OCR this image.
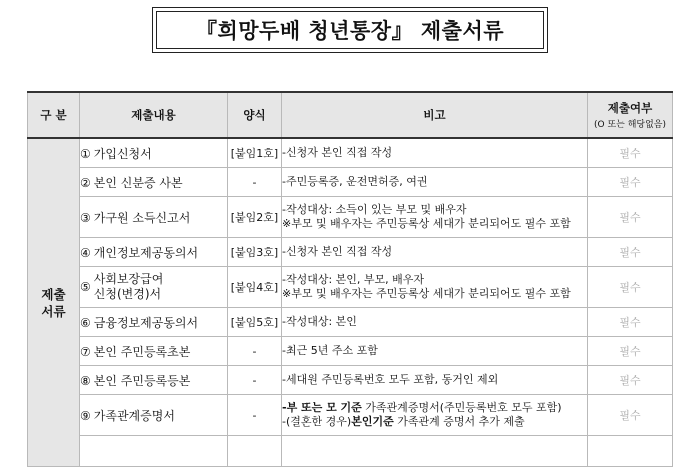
『희망두배 청년통장』 제출서류
구 분	제출내용	양식	비고	제출여부
(O 또는 해당없음)

제출
서류	① 가입신청서	[붙임1호]	-신청자 본인 직접 작성	필수
	② 본인 신분증 사본	-	-주민등록증, 운전면허증, 여권	필수
	③ 가구원 소득신고서	[붙임2호]	-작성대상: 소득이 있는 부모 및 배우자
※부모 및 배우자는 주민등록상 세대가 분리되어도 필수 포함	필수
	④ 개인정보제공동의서	[붙임3호]	-신청자 본인 직접 작성	필수
	⑤사회보장급여
신청(변경)서	[붙임4호]	-작성대상: 본인, 부모, 배우자
※부모 및 배우자는 주민등록상 세대가 분리되어도 필수 포함	필수
	⑥ 금융정보제공동의서	[붙임5호]	-작성대상: 본인	필수
	⑦ 본인 주민등록초본	-	-최근 5년 주소 포함	필수
	⑧ 본인 주민등록등본	-	-세대원 주민등록번호 모두 포함, 동거인 제외	필수
	⑨ 가족관계증명서	-	-부 또는 모 기준 가족관계증명서(주민등록번호 모두 포함)
-(결혼한 경우)본인기준 가족관계 증명서 추가 제출	필수
